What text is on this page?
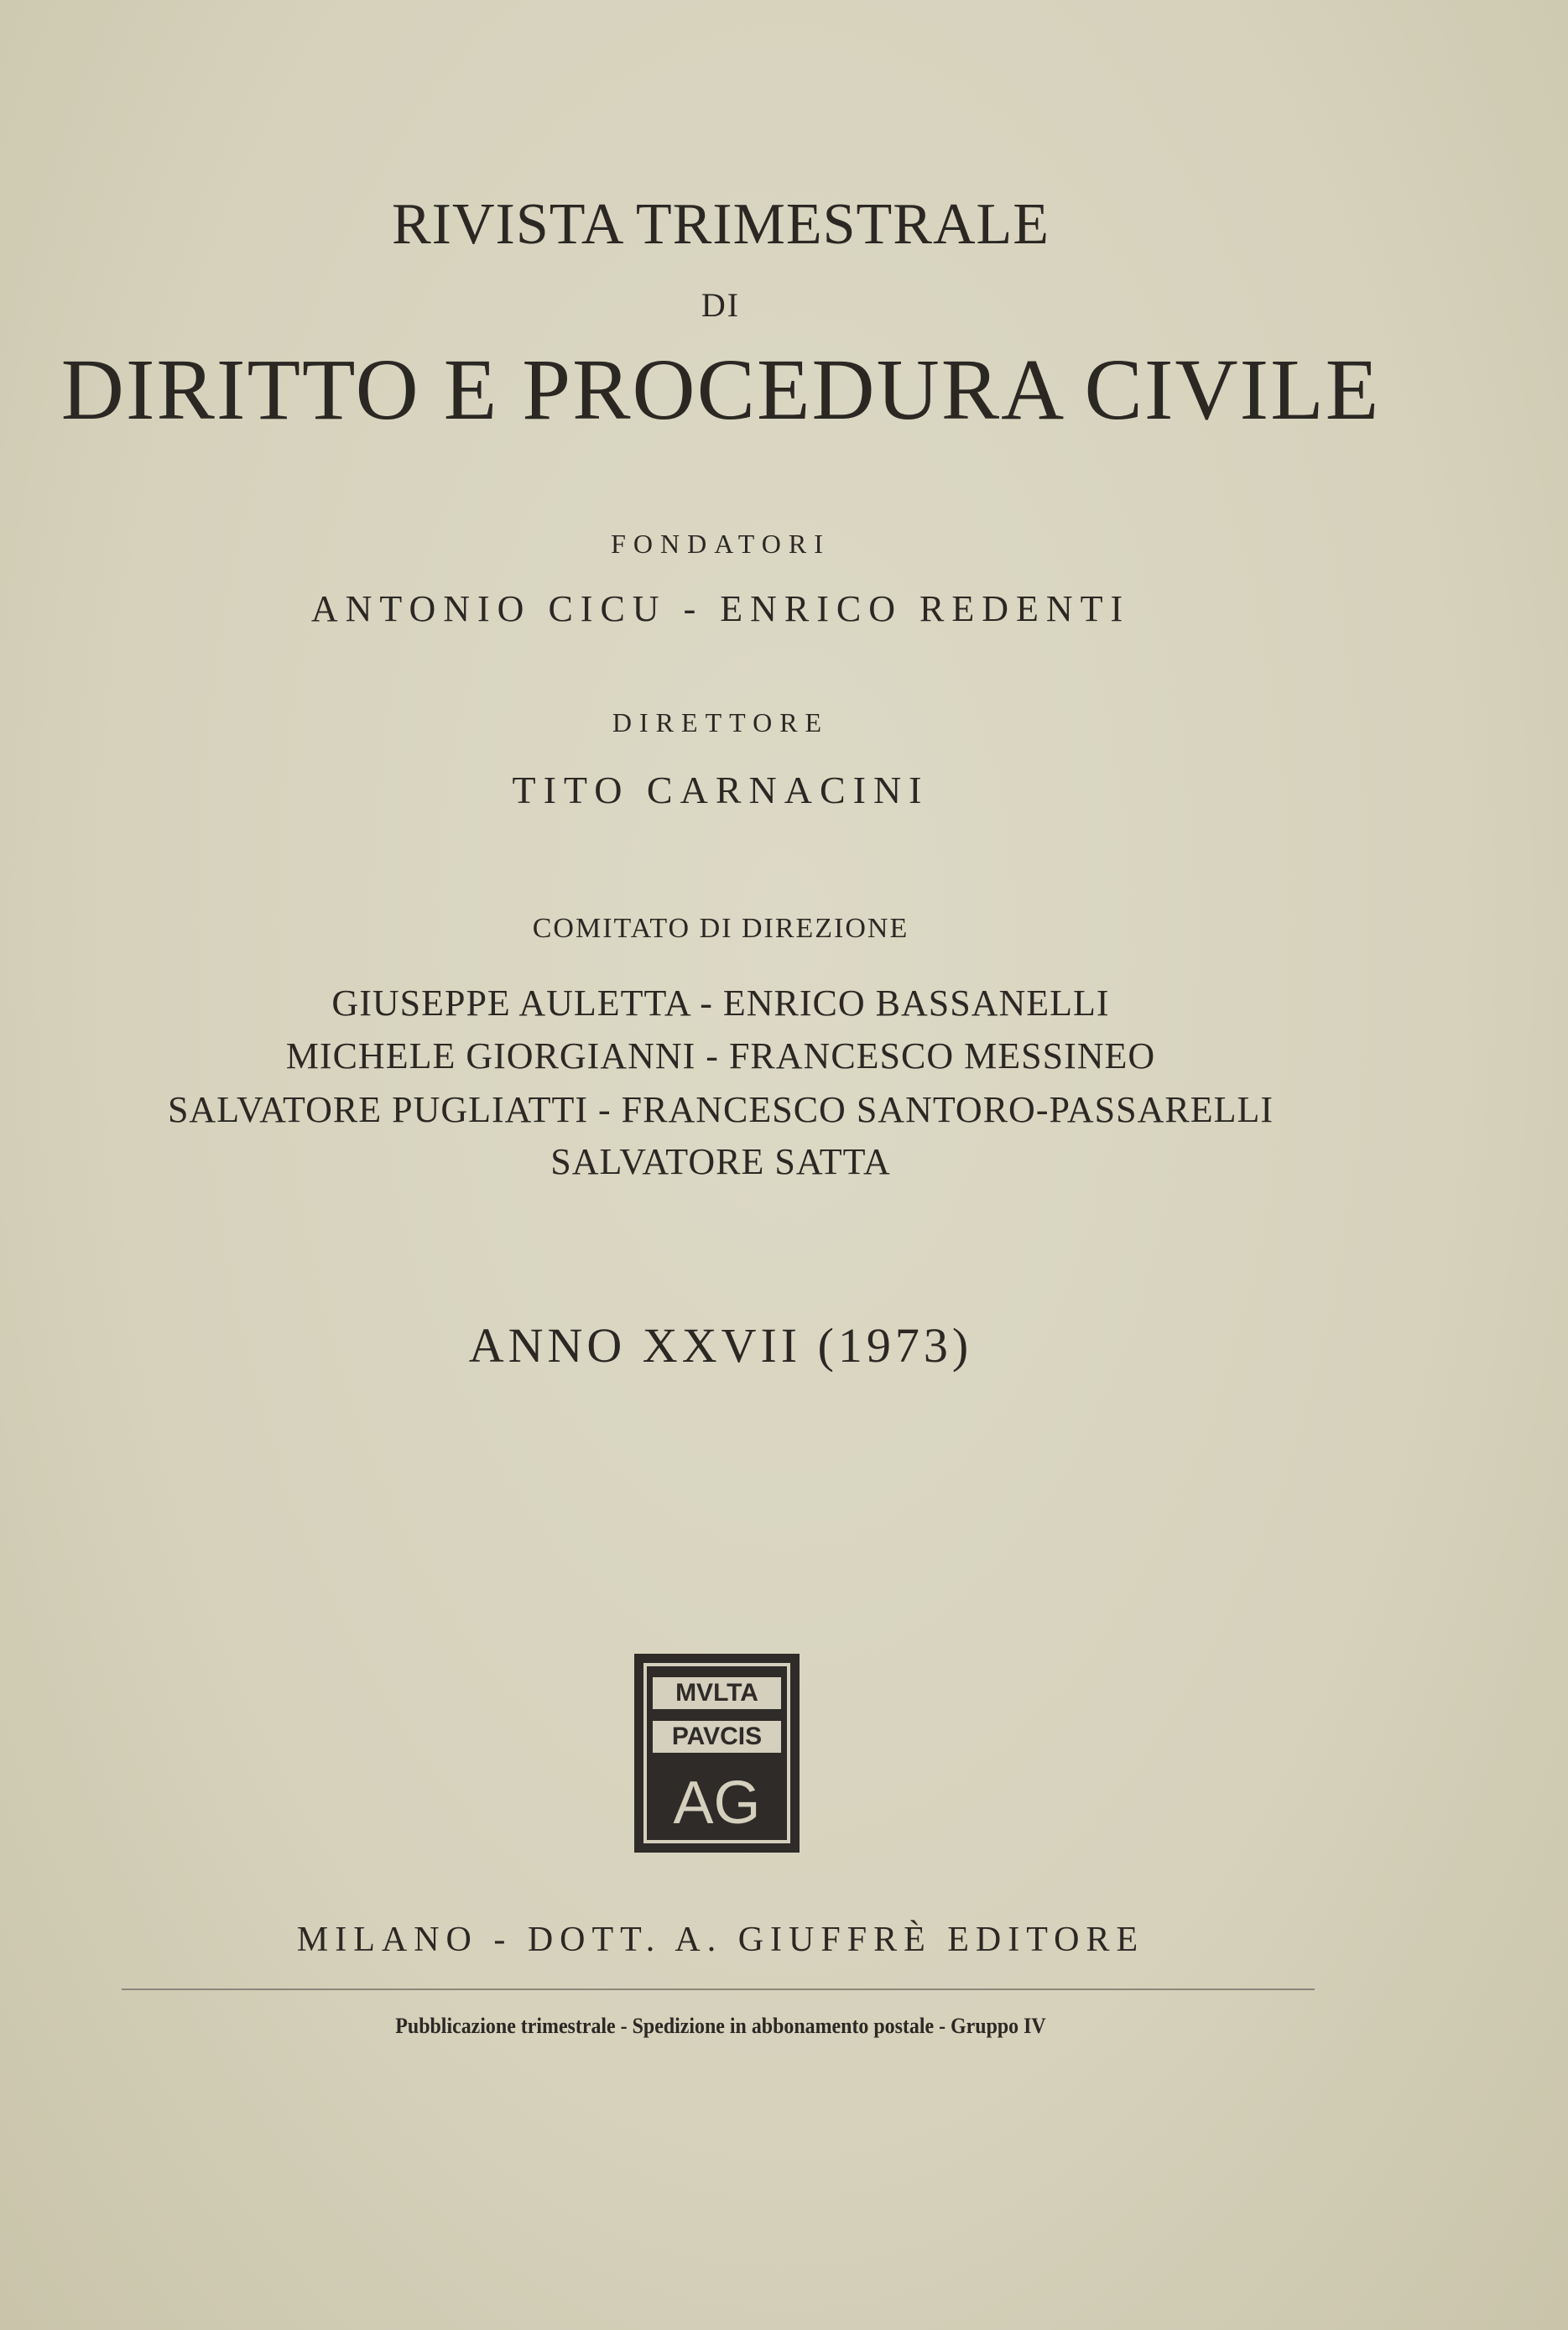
RIVISTA TRIMESTRALE
DI
DIRITTO E PROCEDURA CIVILE
FONDATORI
ANTONIO CICU - ENRICO REDENTI
DIRETTORE
TITO CARNACINI
COMITATO DI DIREZIONE
GIUSEPPE AULETTA - ENRICO BASSANELLI
MICHELE GIORGIANNI - FRANCESCO MESSINEO
SALVATORE PUGLIATTI - FRANCESCO SANTORO-PASSARELLI
SALVATORE SATTA
ANNO XXVII (1973)
MVLTA
PAVCIS
AG
MILANO - DOTT. A. GIUFFRÈ EDITORE
Pubblicazione trimestrale - Spedizione in abbonamento postale - Gruppo IV
